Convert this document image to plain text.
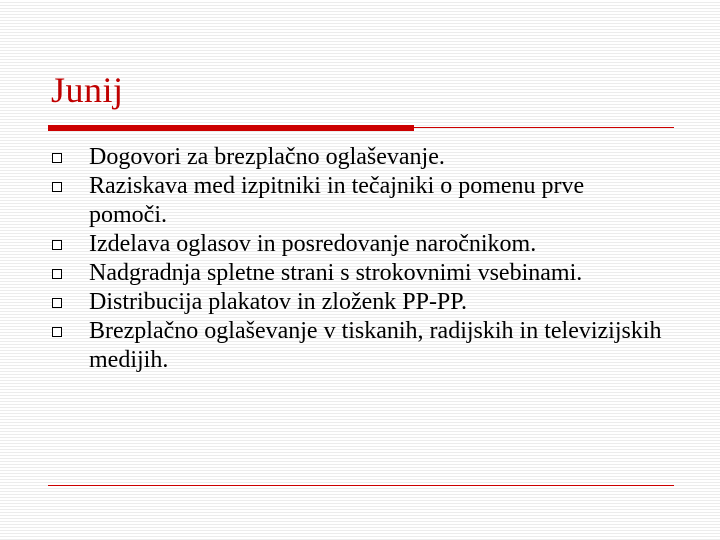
Junij
Dogovori za brezplačno oglaševanje.
Raziskava med izpitniki in tečajniki o pomenu prve pomoči.
Izdelava oglasov in posredovanje naročnikom.
Nadgradnja spletne strani s strokovnimi vsebinami.
Distribucija plakatov in zloženk PP-PP.
Brezplačno oglaševanje v tiskanih, radijskih in televizijskih medijih.
